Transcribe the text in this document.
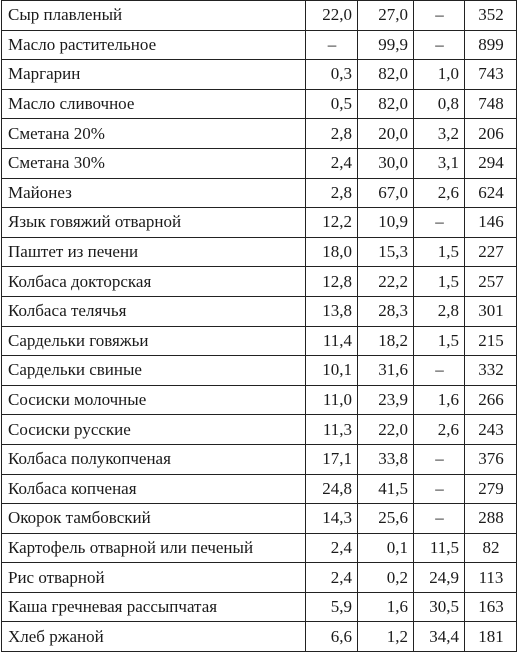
Сыр плавленый	22,0	27,0	–	352
Масло растительное	–	99,9	–	899
Маргарин	0,3	82,0	1,0	743
Масло сливочное	0,5	82,0	0,8	748
Сметана 20%	2,8	20,0	3,2	206
Сметана 30%	2,4	30,0	3,1	294
Майонез	2,8	67,0	2,6	624
Язык говяжий отварной	12,2	10,9	–	146
Паштет из печени	18,0	15,3	1,5	227
Колбаса докторская	12,8	22,2	1,5	257
Колбаса телячья	13,8	28,3	2,8	301
Сардельки говяжьи	11,4	18,2	1,5	215
Сардельки свиные	10,1	31,6	–	332
Сосиски молочные	11,0	23,9	1,6	266
Сосиски русские	11,3	22,0	2,6	243
Колбаса полукопченая	17,1	33,8	–	376
Колбаса копченая	24,8	41,5	–	279
Окорок тамбовский	14,3	25,6	–	288
Картофель отварной или печеный	2,4	0,1	11,5	82
Рис отварной	2,4	0,2	24,9	113
Каша гречневая рассыпчатая	5,9	1,6	30,5	163
Хлеб ржаной	6,6	1,2	34,4	181
